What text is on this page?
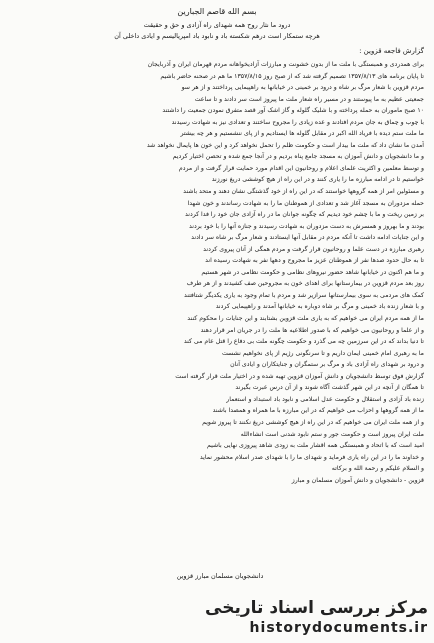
بسم الله قاصم الجبارین
درود ما نثار روح همه شهدای راه آزادی و حق و حقیقت
هرچه ستمکار است درهم شکسته باد و نابود باد امپریالیسم و ایادی داخلی آن
گزارش فاجعه قزوین :
برای همدردی و همبستگی با ملت ما از بدون خشونت و مبارزات آزادیخواهانه مردم قهرمان ایران و آذربایجان
تا پایان برنامه های ۱۳۵۷/۸/۱۳ تصمیم گرفته شد که از صبح روز ۱۳۵۷/۸/۱۵ ما هم در صحنه حاضر باشیم
مردم قزوین با شعار مرگ بر شاه و درود بر خمینی در خیابانها به راهپیمایی پرداختند و از هر سو
جمعیتی عظیم به ما پیوستند و در مسیر راه شعار ملت ما پیروز است سر دادند و تا ساعت
۱۰ صبح ماموران به حمله پرداخته و با شلیک گلوله و گاز اشک آور قصد متفرق نمودن جمعیت را داشتند
با چوب و چماق به جان مردم افتادند و عده زیادی را مجروح ساختند و تعدادی نیز به شهادت رسیدند
ما ملت ستم دیده با فریاد الله اکبر در مقابل گلوله ها ایستادیم و از پای ننشستیم و هر چه بیشتر
آمدن ما نشان داد که ملت ما بیدار است و حکومت ظلم را تحمل نخواهد کرد و این خون ها پایمال نخواهد شد
و ما دانشجویان و دانش آموزان به مسجد جامع پناه بردیم و در آنجا جمع شده و تحصن اختیار کردیم
و توسط معلمین و اکثریت علمای اعلام و روحانیون این اقدام مورد حمایت قرار گرفت و از مردم
خواستیم تا در ادامه مبارزه ما را یاری کنند و در این راه از هیچ کوششی دریغ نورزند
و مسئولین امر از همه گروهها خواستند که در این راه از خود گذشتگی نشان دهند و متحد باشند
حمله مزدوران به مسجد آغاز شد و تعدادی از هموطنان ما را به شهادت رساندند و خون شهدا
بر زمین ریخت و ما با چشم خود دیدیم که چگونه جوانان ما در راه آزادی جان خود را فدا کردند
بودند و ما بهروز و همسرش به دست مزدوران به شهادت رسیدند و جنازه آنها را با خود بردند
و این جنایات ادامه داشت تا آنکه مردم در مقابل آنها ایستادند و شعار مرگ بر شاه سر دادند
رهبری مبارزه در دست علما و روحانیون قرار گرفت و مردم همگی از آنان پیروی کردند
تا به حال حدود صدها نفر از هموطنان عزیز ما مجروح و دهها نفر به شهادت رسیده اند
و ما هم اکنون در خیابانها شاهد حضور نیروهای نظامی و حکومت نظامی در شهر هستیم
روز بعد مردم قزوین در بیمارستانها برای اهدای خون به مجروحین صف کشیدند و از هر طرف
کمک های مردمی به سوی بیمارستانها سرازیر شد و مردم با تمام وجود به یاری یکدیگر شتافتند
و با شعار زنده باد خمینی و مرگ بر شاه دوباره به خیابانها آمدند و راهپیمایی کردند
ما از همه مردم ایران می خواهیم که به یاری ملت قزوین بشتابند و این جنایات را محکوم کنند
و از علما و روحانیون می خواهیم که با صدور اطلاعیه ها ملت را در جریان امر قرار دهند
تا دنیا بداند که در این سرزمین چه می گذرد و حکومت چگونه ملت بی دفاع را قتل عام می کند
ما به رهبری امام خمینی ایمان داریم و تا سرنگونی رژیم از پای نخواهیم نشست
و درود بر شهدای راه آزادی باد و مرگ بر ستمگران و جنایتکاران و ایادی آنان
گزارش فوق توسط دانشجویان و دانش آموزان قزوین تهیه شده و در اختیار ملت قرار گرفته است
تا همگان از آنچه در این شهر گذشت آگاه شوند و از آن درس عبرت بگیرند
زنده باد آزادی و استقلال و حکومت عدل اسلامی و نابود باد استبداد و استعمار
ما از همه گروهها و احزاب می خواهیم که در این مبارزه با ما همراه و همصدا باشند
و از همه ملت ایران می خواهیم که در این راه از هیچ کوششی دریغ نکنند تا پیروز شویم
ملت ایران پیروز است و حکومت جور و ستم نابود شدنی است انشاءالله
امید است که با اتحاد و همبستگی همه اقشار ملت به زودی شاهد پیروزی نهایی باشیم
و خداوند ما را در این راه یاری فرماید و شهدای ما را با شهدای صدر اسلام محشور نماید
و السلام علیکم و رحمة الله و برکاته
قزوین - دانشجویان و دانش آموزان مسلمان و مبارز
دانشجویان مسلمان مبارز قزوین
مرکز بررسی اسناد تاریخی
historydocuments.ir
